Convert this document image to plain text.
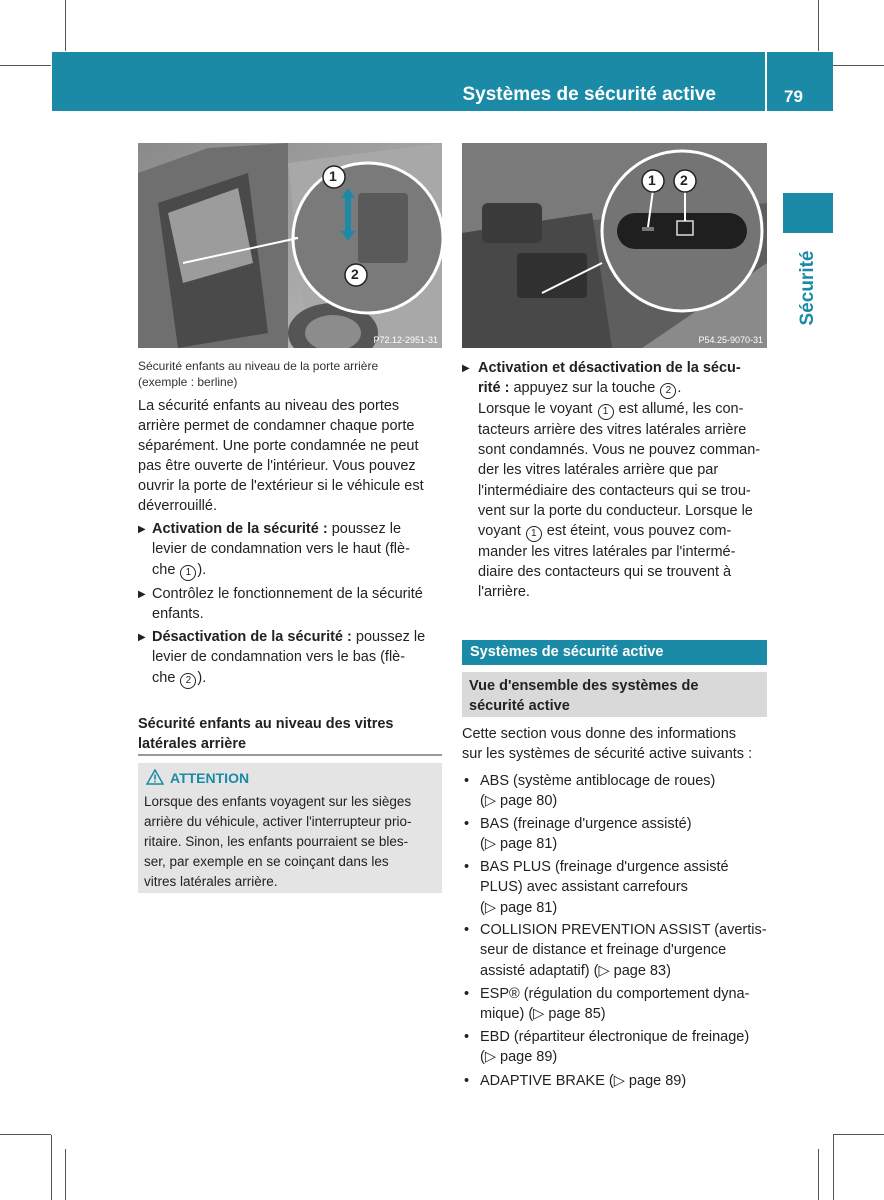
Systèmes de sécurité active	79
Sécurité
1
2
P72.12-2951-31
1 2
P54.25-9070-31
Sécurité enfants au niveau de la porte arrière
(exemple : berline)
La sécurité enfants au niveau des portes
arrière permet de condamner chaque porte
séparément. Une porte condamnée ne peut
pas être ouverte de l'intérieur. Vous pouvez
ouvrir la porte de l'extérieur si le véhicule est
déverrouillé.
▶ Activation de la sécurité : poussez le
levier de condamnation vers le haut (flè-
che 1 ).
▶ Contrôlez le fonctionnement de la sécurité
enfants.
▶ Désactivation de la sécurité : poussez le
levier de condamnation vers le bas (flè-
che 2 ).
Sécurité enfants au niveau des vitres
latérales arrière
ATTENTION
Lorsque des enfants voyagent sur les sièges
arrière du véhicule, activer l'interrupteur prio-
ritaire. Sinon, les enfants pourraient se bles-
ser, par exemple en se coinçant dans les
vitres latérales arrière.
▶ Activation et désactivation de la sécu-
rité : appuyez sur la touche 2 .
Lorsque le voyant 1 est allumé, les con-
tacteurs arrière des vitres latérales arrière
sont condamnés. Vous ne pouvez comman-
der les vitres latérales arrière que par
l'intermédiaire des contacteurs qui se trou-
vent sur la porte du conducteur. Lorsque le
voyant 1 est éteint, vous pouvez com-
mander les vitres latérales par l'intermé-
diaire des contacteurs qui se trouvent à
l'arrière.
Systèmes de sécurité active
Vue d'ensemble des systèmes de
sécurité active
Cette section vous donne des informations
sur les systèmes de sécurité active suivants :
• ABS (système antiblocage de roues)
(▷ page 80)
• BAS (freinage d'urgence assisté)
(▷ page 81)
• BAS PLUS (freinage d'urgence assisté
PLUS) avec assistant carrefours
(▷ page 81)
• COLLISION PREVENTION ASSIST (avertis-
seur de distance et freinage d'urgence
assisté adaptatif) (▷ page 83)
• ESP® (régulation du comportement dyna-
mique) (▷ page 85)
• EBD (répartiteur électronique de freinage)
(▷ page 89)
• ADAPTIVE BRAKE (▷ page 89)
